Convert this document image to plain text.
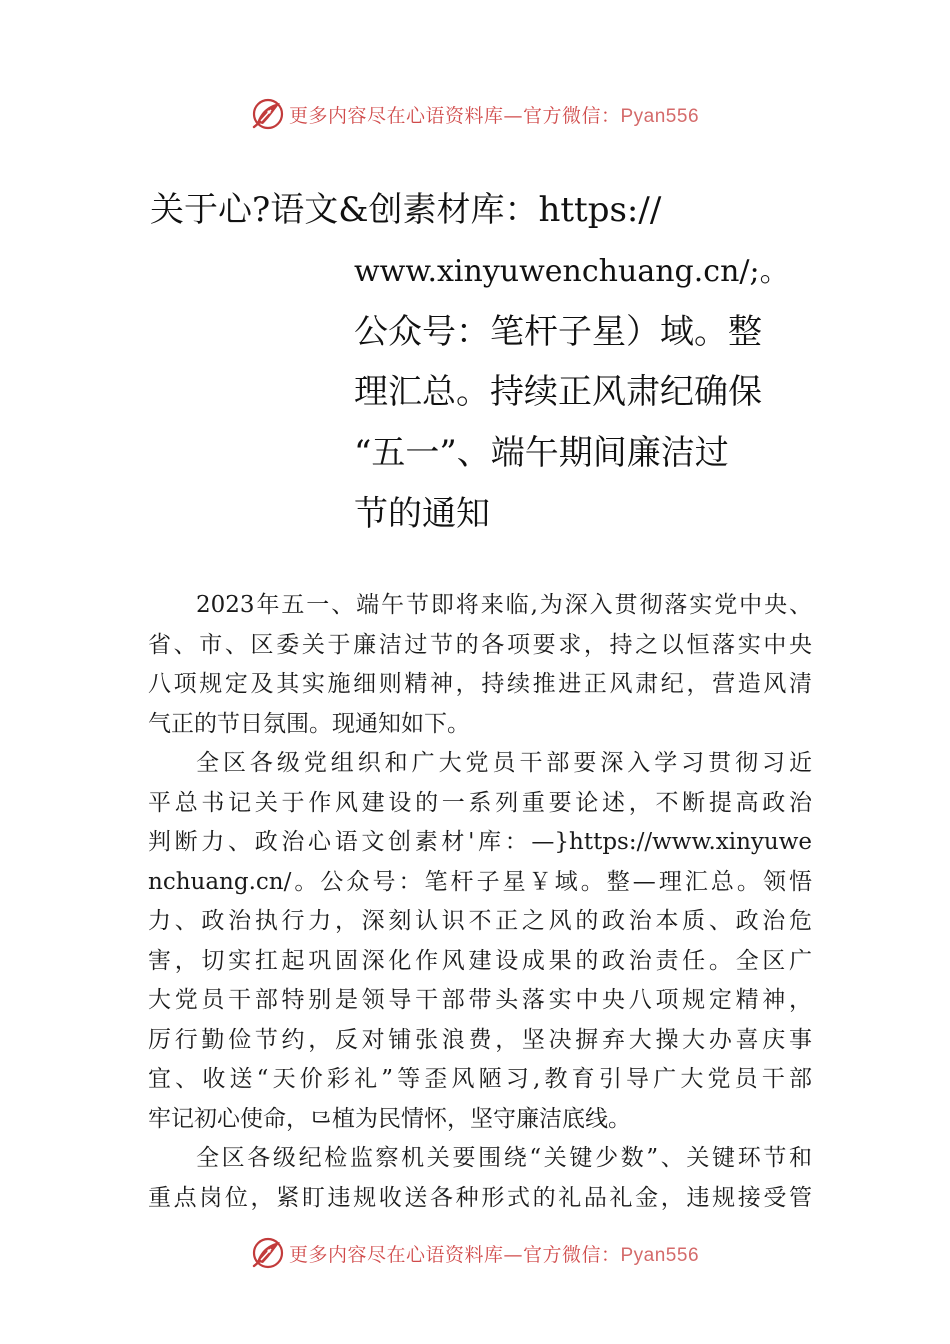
更多内容尽在心语资料库—官方微信：Pyan556
关于心?语文&创素材库：https://
www.xinyuwenchuang.cn/;。
公众号：笔杆子星）域。整
理汇总。持续正风肃纪确保
“五一”、端午期间廉洁过
节的通知
2023年五一、端午节即将来临,为深入贯彻落实党中央、
省、市、区委关于廉洁过节的各项要求，持之以恒落实中央
八项规定及其实施细则精神，持续推进正风肃纪，营造风清
气正的节日氛围。现通知如下。
全区各级党组织和广大党员干部要深入学习贯彻习近
平总书记关于作风建设的一系列重要论述，不断提高政治
判断力、政治心语文创素材'库：—}https://www.xinyuwe
nchuang.cn/。公众号：笔杆子星￥域。整—理汇总。领悟
力、政治执行力，深刻认识不正之风的政治本质、政治危
害，切实扛起巩固深化作风建设成果的政治责任。全区广
大党员干部特别是领导干部带头落实中央八项规定精神，
厉行勤俭节约，反对铺张浪费，坚决摒弃大操大办喜庆事
宜、收送“天价彩礼”等歪风陋习,教育引导广大党员干部
牢记初心使命，⺋植为民情怀，坚守廉洁底线。
全区各级纪检监察机关要围绕“关键少数”、关键环节和
重点岗位，紧盯违规收送各种形式的礼品礼金，违规接受管
更多内容尽在心语资料库—官方微信：Pyan556
